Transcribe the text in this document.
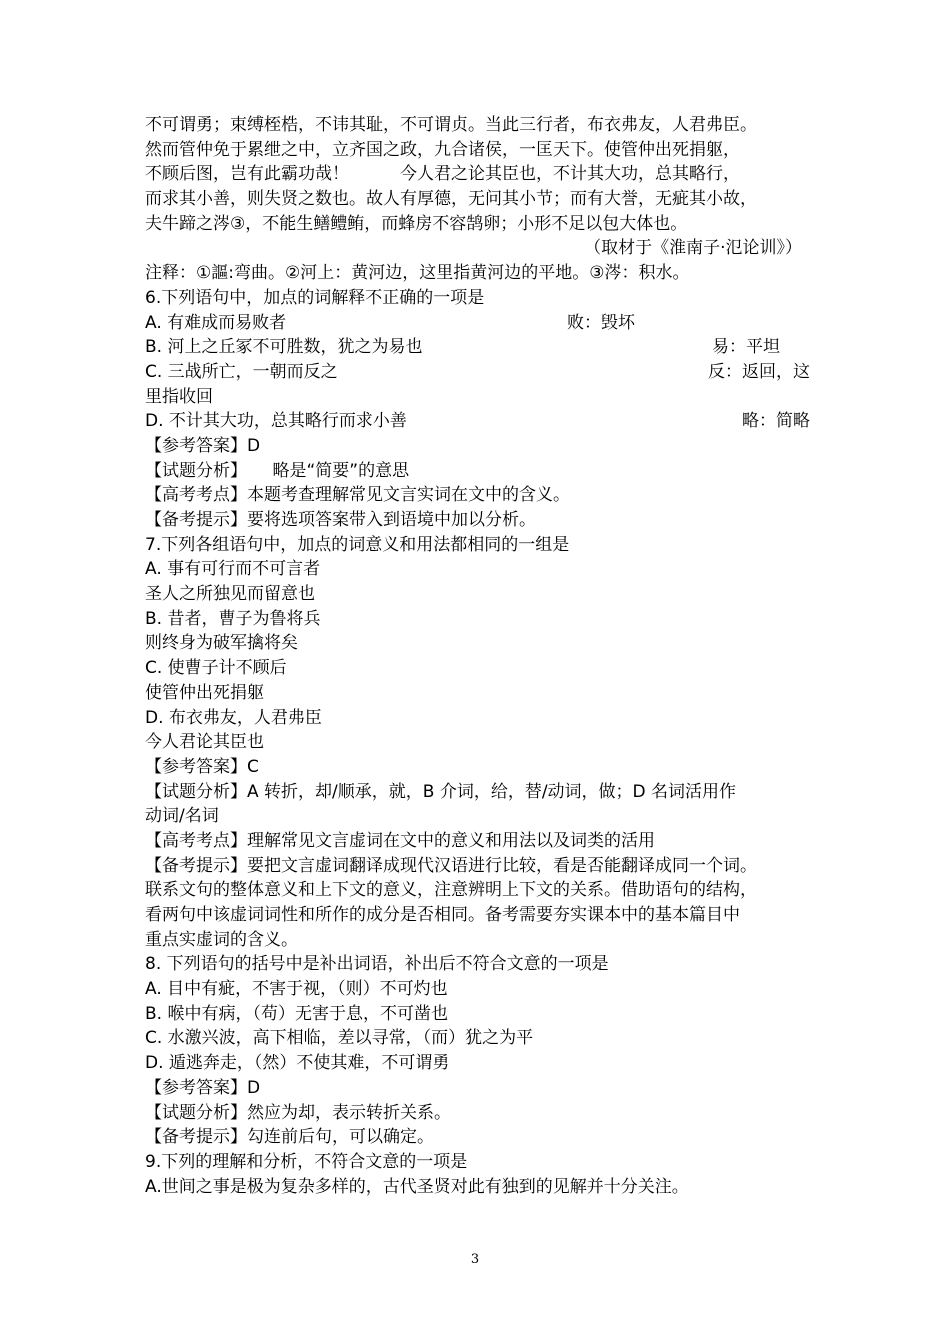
不可谓勇；束缚桎梏，不讳其耻，不可谓贞。当此三行者，布衣弗友，人君弗臣。
然而管仲免于累绁之中，立齐国之政，九合诸侯，一匡天下。使管仲出死捐躯，
不顾后图，岂有此霸功哉！　　　今人君之论其臣也，不计其大功，总其略行，
而求其小善，则失贤之数也。故人有厚德，无问其小节；而有大誉，无疵其小故，
夫牛蹄之涔③，不能生鳝鳢鲔，而蜂房不容鹄卵；小形不足以包大体也。
（取材于《淮南子·氾论训》）
注释：①謳:弯曲。②河上：黄河边，这里指黄河边的平地。③涔：积水。
6.下列语句中，加点的词解释不正确的一项是
A. 有难成而易败者	败：毁坏
B. 河上之丘冢不可胜数，犹之为易也	易：平坦
C. 三战所亡，一朝而反之	反：返回，这
里指收回
D. 不计其大功，总其略行而求小善	略：简略
【参考答案】D
【试题分析】　　略是“简要”的意思
【高考考点】本题考查理解常见文言实词在文中的含义。
【备考提示】要将选项答案带入到语境中加以分析。
7.下列各组语句中，加点的词意义和用法都相同的一组是
A. 事有可行而不可言者
圣人之所独见而留意也
B. 昔者，曹子为鲁将兵
则终身为破军擒将矣
C. 使曹子计不顾后
使管仲出死捐躯
D. 布衣弗友，人君弗臣
今人君论其臣也
【参考答案】C
【试题分析】A 转折，却/顺承，就，B 介词，给，替/动词，做；D 名词活用作
动词/名词
【高考考点】理解常见文言虚词在文中的意义和用法以及词类的活用
【备考提示】要把文言虚词翻译成现代汉语进行比较，看是否能翻译成同一个词。
联系文句的整体意义和上下文的意义，注意辨明上下文的关系。借助语句的结构，
看两句中该虚词词性和所作的成分是否相同。备考需要夯实课本中的基本篇目中
重点实虚词的含义。
8. 下列语句的括号中是补出词语，补出后不符合文意的一项是
A. 目中有疵，不害于视，（则）不可灼也
B. 喉中有病，（苟）无害于息，不可凿也
C. 水激兴波，高下相临，差以寻常，（而）犹之为平
D. 遁逃奔走，（然）不使其难，不可谓勇
【参考答案】D
【试题分析】然应为却，表示转折关系。
【备考提示】勾连前后句，可以确定。
9.下列的理解和分析，不符合文意的一项是
A.世间之事是极为复杂多样的，古代圣贤对此有独到的见解并十分关注。
3
